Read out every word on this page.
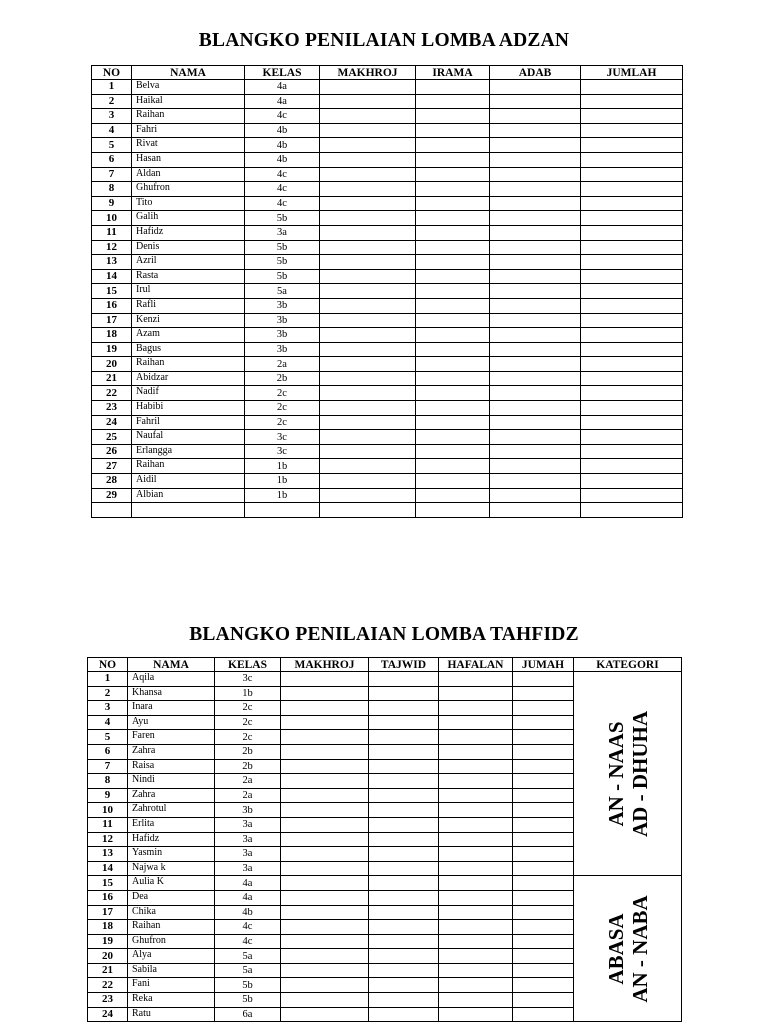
BLANGKO PENILAIAN LOMBA ADZAN
NO	NAMA	KELAS	MAKHROJ	IRAMA	ADAB	JUMLAH
1	Belva	4a				
2	Haikal	4a				
3	Raihan	4c				
4	Fahri	4b				
5	Rivat	4b				
6	Hasan	4b				
7	Aldan	4c				
8	Ghufron	4c				
9	Tito	4c				
10	Galih	5b				
11	Hafidz	3a				
12	Denis	5b				
13	Azril	5b				
14	Rasta	5b				
15	Irul	5a				
16	Rafli	3b				
17	Kenzi	3b				
18	Azam	3b				
19	Bagus	3b				
20	Raihan	2a				
21	Abidzar	2b				
22	Nadif	2c				
23	Habibi	2c				
24	Fahril	2c				
25	Naufal	3c				
26	Erlangga	3c				
27	Raihan	1b				
28	Aidil	1b				
29	Albian	1b				

BLANGKO PENILAIAN LOMBA TAHFIDZ
NO	NAMA	KELAS	MAKHROJ	TAJWID	HAFALAN	JUMAH	KATEGORI
1	Aqila	3c					AN - NAAS AD - DHUHA

2	Khansa	1b					
3	Inara	2c					
4	Ayu	2c					
5	Faren	2c					
6	Zahra	2b					
7	Raisa	2b					
8	Nindi	2a					
9	Zahra	2a					
10	Zahrotul	3b					
11	Erlita	3a					
12	Hafidz	3a					
13	Yasmin	3a					
14	Najwa k	3a					
15	Aulia K	4a					ABASA AN - NABA

16	Dea	4a					
17	Chika	4b					
18	Raihan	4c					
19	Ghufron	4c					
20	Alya	5a					
21	Sabila	5a					
22	Fani	5b					
23	Reka	5b					
24	Ratu	6a					
